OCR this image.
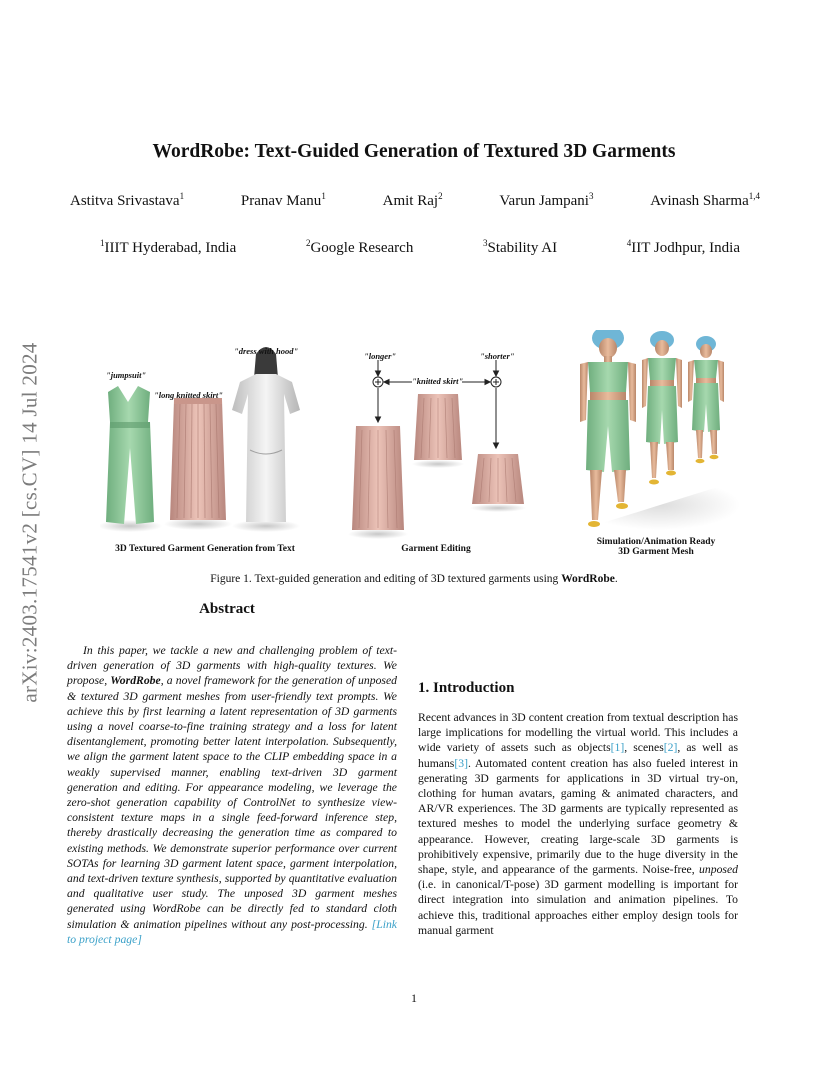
arXiv:2403.17541v2 [cs.CV] 14 Jul 2024
WordRobe: Text-Guided Generation of Textured 3D Garments
Astitva Srivastava$^1$	Pranav Manu$^1$	Amit Raj$^2$	Varun Jampani$^3$	Avinash Sharma$^{1,4}$
$^1$IIIT Hyderabad, India	$^2$Google Research	$^3$Stability AI	$^4$IIT Jodhpur, India
"jumpsuit"
"long knitted skirt"
"dress with hood"	"longer"	"shorter"
"knitted skirt"
3D Textured Garment Generation from Text	Garment Editing
Simulation/Animation Ready
3D Garment Mesh
Figure 1. Text-guided generation and editing of 3D textured garments using WordRobe.
Abstract

In this paper, we tackle a new and challenging problem of text-driven generation of 3D garments with high-quality textures. We propose, WordRobe, a novel framework for the generation of unposed & textured 3D garment meshes from user-friendly text prompts. We achieve this by first learning a latent representation of 3D garments using a novel coarse-to-fine training strategy and a loss for latent disentanglement, promoting better latent interpolation. Subsequently, we align the garment latent space to the CLIP embedding space in a weakly supervised manner, enabling text-driven 3D garment generation and editing. For appearance modeling, we leverage the zero-shot generation capability of ControlNet to synthesize view-consistent texture maps in a single feed-forward inference step, thereby drastically decreasing the generation time as compared to existing methods. We demonstrate superior performance over current SOTAs for learning 3D garment latent space, garment interpolation, and text-driven texture synthesis, supported by quantitative evaluation and qualitative user study. The unposed 3D garment meshes generated using WordRobe can be directly fed to standard cloth simulation & animation pipelines without any post-processing. [Link to project page]

1. Introduction

Recent advances in 3D content creation from textual description has large implications for modelling the virtual world. This includes a wide variety of assets such as objects[1], scenes[2], as well as humans[3]. Automated content creation has also fueled interest in generating 3D garments for applications in 3D virtual try-on, clothing for human avatars, gaming & animated characters, and AR/VR experiences. The 3D garments are typically represented as textured meshes to model the underlying surface geometry & appearance. However, creating large-scale 3D garments is prohibitively expensive, primarily due to the huge diversity in the shape, style, and appearance of the garments. Noise-free, unposed (i.e. in canonical/T-pose) 3D garment modelling is important for direct integration into simulation and animation pipelines. To achieve this, traditional approaches either employ design tools for manual garment

1
